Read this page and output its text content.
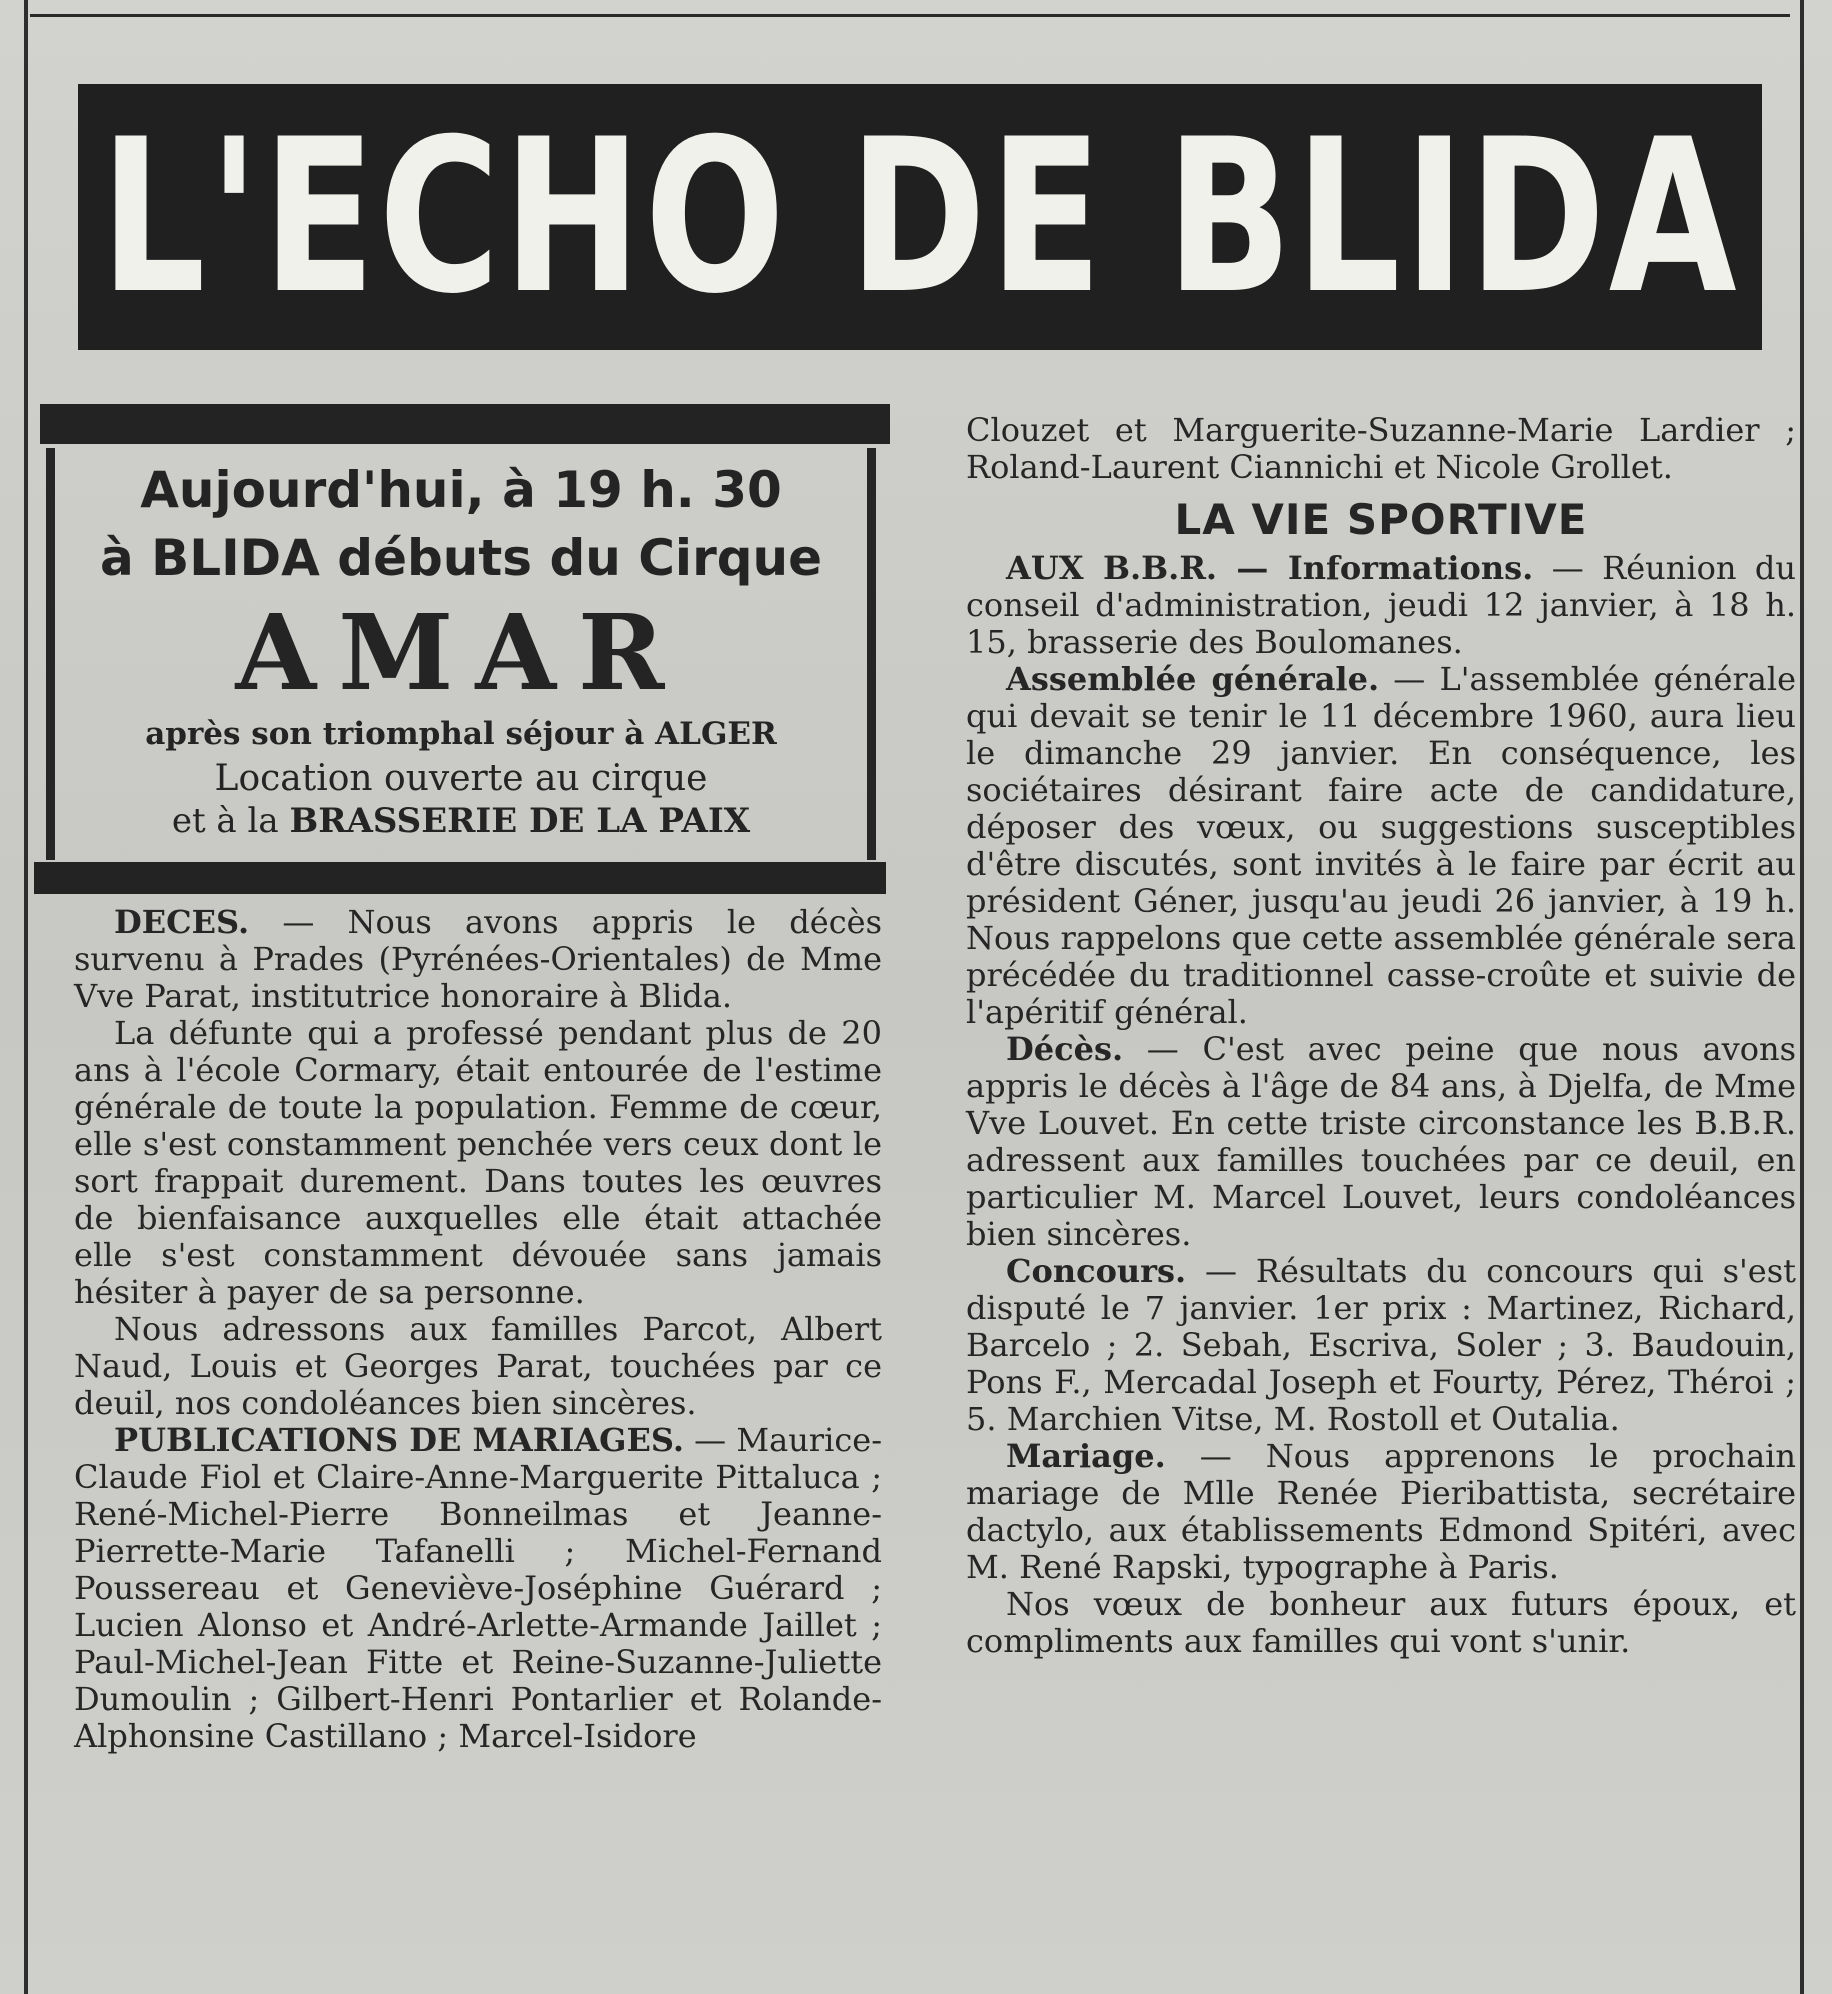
L'ECHO DE BLIDA
Aujourd'hui, à 19 h. 30
à BLIDA débuts du Cirque
AMAR
après son triomphal séjour à ALGER
Location ouverte au cirque
et à la BRASSERIE DE LA PAIX

DECES. — Nous avons appris le décès survenu à Prades (Pyrénées-Orientales) de Mme Vve Parat, institutrice honoraire à Blida.

La défunte qui a professé pendant plus de 20 ans à l'école Cormary, était entourée de l'estime générale de toute la population. Femme de cœur, elle s'est constamment penchée vers ceux dont le sort frappait durement. Dans toutes les œuvres de bienfaisance auxquelles elle était attachée elle s'est constamment dévouée sans jamais hésiter à payer de sa personne.

Nous adressons aux familles Parcot, Albert Naud, Louis et Georges Parat, touchées par ce deuil, nos condoléances bien sincères.

PUBLICATIONS DE MARIAGES. — Maurice-Claude Fiol et Claire-Anne-Marguerite Pittaluca ; René-Michel-Pierre Bonneilmas et Jeanne-Pierrette-Marie Tafanelli ; Michel-Fernand Poussereau et Geneviève-Joséphine Guérard ; Lucien Alonso et André-Arlette-Armande Jaillet ; Paul-Michel-Jean Fitte et Reine-Suzanne-Juliette Dumoulin ; Gilbert-Henri Pontarlier et Rolande-Alphonsine Castillano ; Marcel-Isidore

Clouzet et Marguerite-Suzanne-Marie Lardier ; Roland-Laurent Ciannichi et Nicole Grollet.

LA VIE SPORTIVE

AUX B.B.R. — Informations. — Réunion du conseil d'administration, jeudi 12 janvier, à 18 h. 15, brasserie des Boulomanes.

Assemblée générale. — L'assemblée générale qui devait se tenir le 11 décembre 1960, aura lieu le dimanche 29 janvier. En conséquence, les sociétaires désirant faire acte de candidature, déposer des vœux, ou suggestions susceptibles d'être discutés, sont invités à le faire par écrit au président Géner, jusqu'au jeudi 26 janvier, à 19 h. Nous rappelons que cette assemblée générale sera précédée du traditionnel casse-croûte et suivie de l'apéritif général.

Décès. — C'est avec peine que nous avons appris le décès à l'âge de 84 ans, à Djelfa, de Mme Vve Louvet. En cette triste circonstance les B.B.R. adressent aux familles touchées par ce deuil, en particulier M. Marcel Louvet, leurs condoléances bien sincères.

Concours. — Résultats du concours qui s'est disputé le 7 janvier. 1er prix : Martinez, Richard, Barcelo ; 2. Sebah, Escriva, Soler ; 3. Baudouin, Pons F., Mercadal Joseph et Fourty, Pérez, Théroi ; 5. Marchien Vitse, M. Rostoll et Outalia.

Mariage. — Nous apprenons le prochain mariage de Mlle Renée Pieribattista, secrétaire dactylo, aux établissements Edmond Spitéri, avec M. René Rapski, typographe à Paris.

Nos vœux de bonheur aux futurs époux, et compliments aux familles qui vont s'unir.
